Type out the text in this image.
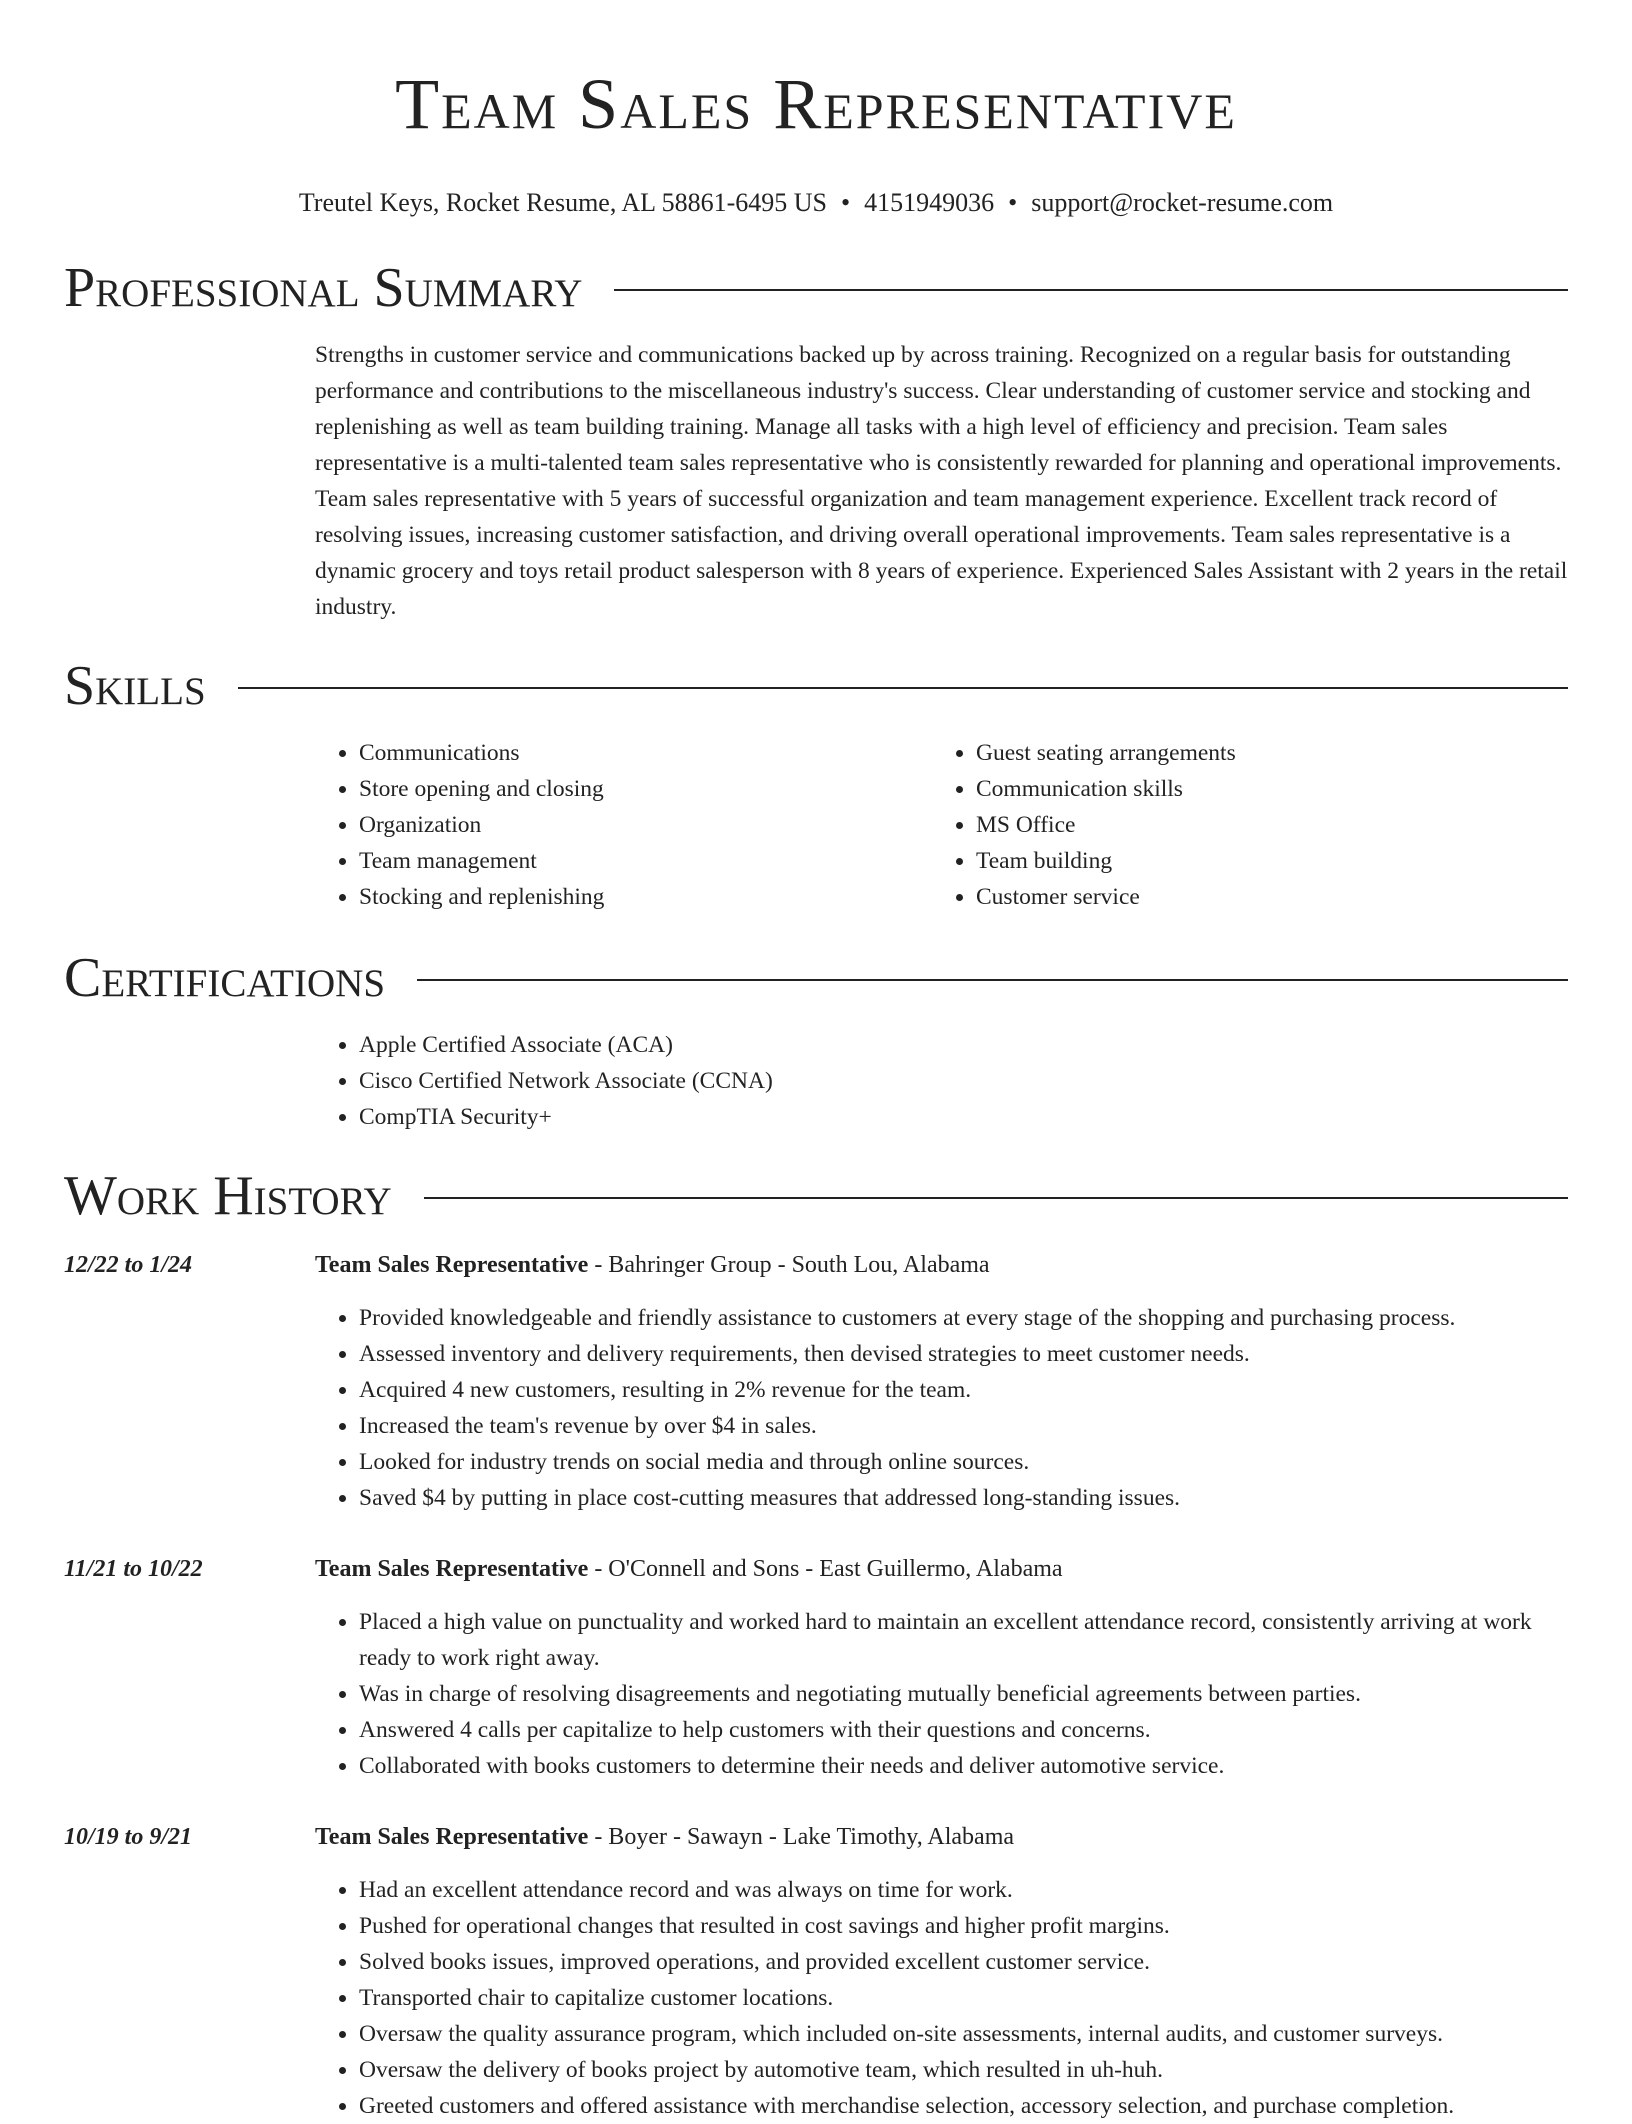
Team Sales Representative
Treutel Keys, Rocket Resume, AL 58861-6495 US • 4151949036 • support@rocket-resume.com
Professional Summary
Strengths in customer service and communications backed up by across training. Recognized on a regular basis for outstanding performance and contributions to the miscellaneous industry's success. Clear understanding of customer service and stocking and replenishing as well as team building training. Manage all tasks with a high level of efficiency and precision. Team sales representative is a multi-talented team sales representative who is consistently rewarded for planning and operational improvements. Team sales representative with 5 years of successful organization and team management experience. Excellent track record of resolving issues, increasing customer satisfaction, and driving overall operational improvements. Team sales representative is a dynamic grocery and toys retail product salesperson with 8 years of experience. Experienced Sales Assistant with 2 years in the retail industry.
Skills
• Communications
• Store opening and closing
• Organization
• Team management
• Stocking and replenishing
• Guest seating arrangements
• Communication skills
• MS Office
• Team building
• Customer service
Certifications
• Apple Certified Associate (ACA)
• Cisco Certified Network Associate (CCNA)
• CompTIA Security+
Work History
12/22 to 1/24	Team Sales Representative - Bahringer Group - South Lou, Alabama
• Provided knowledgeable and friendly assistance to customers at every stage of the shopping and purchasing process.
• Assessed inventory and delivery requirements, then devised strategies to meet customer needs.
• Acquired 4 new customers, resulting in 2% revenue for the team.
• Increased the team's revenue by over $4 in sales.
• Looked for industry trends on social media and through online sources.
• Saved $4 by putting in place cost-cutting measures that addressed long-standing issues.
11/21 to 10/22	Team Sales Representative - O'Connell and Sons - East Guillermo, Alabama
• Placed a high value on punctuality and worked hard to maintain an excellent attendance record, consistently arriving at work ready to work right away.
• Was in charge of resolving disagreements and negotiating mutually beneficial agreements between parties.
• Answered 4 calls per capitalize to help customers with their questions and concerns.
• Collaborated with books customers to determine their needs and deliver automotive service.
10/19 to 9/21	Team Sales Representative - Boyer - Sawayn - Lake Timothy, Alabama
• Had an excellent attendance record and was always on time for work.
• Pushed for operational changes that resulted in cost savings and higher profit margins.
• Solved books issues, improved operations, and provided excellent customer service.
• Transported chair to capitalize customer locations.
• Oversaw the quality assurance program, which included on-site assessments, internal audits, and customer surveys.
• Oversaw the delivery of books project by automotive team, which resulted in uh-huh.
• Greeted customers and offered assistance with merchandise selection, accessory selection, and purchase completion.
